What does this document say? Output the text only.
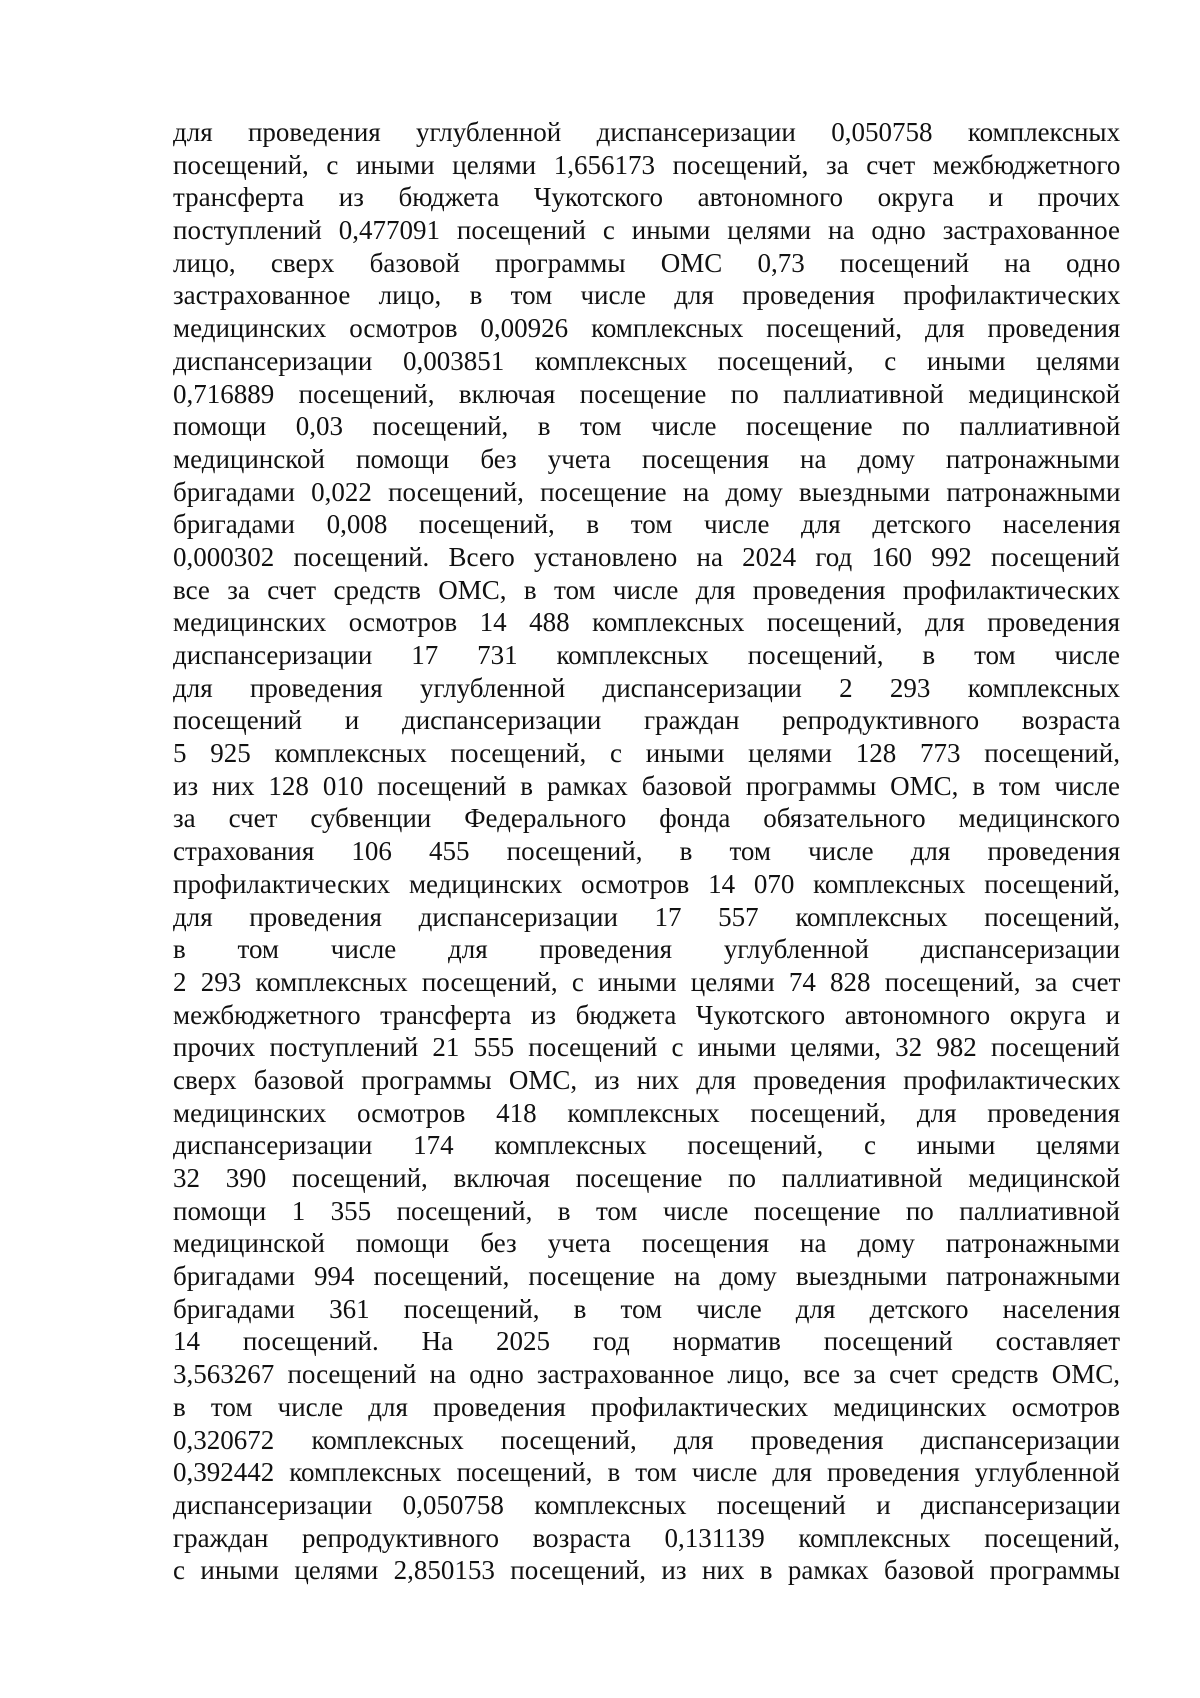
для проведения углубленной диспансеризации 0,050758 комплексных
посещений, с иными целями 1,656173 посещений, за счет межбюджетного
трансферта из бюджета Чукотского автономного округа и прочих
поступлений 0,477091 посещений с иными целями на одно застрахованное
лицо, сверх базовой программы ОМС 0,73 посещений на одно
застрахованное лицо, в том числе для проведения профилактических
медицинских осмотров 0,00926 комплексных посещений, для проведения
диспансеризации 0,003851 комплексных посещений, с иными целями
0,716889 посещений, включая посещение по паллиативной медицинской
помощи 0,03 посещений, в том числе посещение по паллиативной
медицинской помощи без учета посещения на дому патронажными
бригадами 0,022 посещений, посещение на дому выездными патронажными
бригадами 0,008 посещений, в том числе для детского населения
0,000302 посещений. Всего установлено на 2024 год 160 992 посещений
все за счет средств ОМС, в том числе для проведения профилактических
медицинских осмотров 14 488 комплексных посещений, для проведения
диспансеризации 17 731 комплексных посещений, в том числе
для проведения углубленной диспансеризации 2 293 комплексных
посещений и диспансеризации граждан репродуктивного возраста
5 925 комплексных посещений, с иными целями 128 773 посещений,
из них 128 010 посещений в рамках базовой программы ОМС, в том числе
за счет субвенции Федерального фонда обязательного медицинского
страхования 106 455 посещений, в том числе для проведения
профилактических медицинских осмотров 14 070 комплексных посещений,
для проведения диспансеризации 17 557 комплексных посещений,
в том числе для проведения углубленной диспансеризации
2 293 комплексных посещений, с иными целями 74 828 посещений, за счет
межбюджетного трансферта из бюджета Чукотского автономного округа и
прочих поступлений 21 555 посещений с иными целями, 32 982 посещений
сверх базовой программы ОМС, из них для проведения профилактических
медицинских осмотров 418 комплексных посещений, для проведения
диспансеризации 174 комплексных посещений, с иными целями
32 390 посещений, включая посещение по паллиативной медицинской
помощи 1 355 посещений, в том числе посещение по паллиативной
медицинской помощи без учета посещения на дому патронажными
бригадами 994 посещений, посещение на дому выездными патронажными
бригадами 361 посещений, в том числе для детского населения
14 посещений. На 2025 год норматив посещений составляет
3,563267 посещений на одно застрахованное лицо, все за счет средств ОМС,
в том числе для проведения профилактических медицинских осмотров
0,320672 комплексных посещений, для проведения диспансеризации
0,392442 комплексных посещений, в том числе для проведения углубленной
диспансеризации 0,050758 комплексных посещений и диспансеризации
граждан репродуктивного возраста 0,131139 комплексных посещений,
с иными целями 2,850153 посещений, из них в рамках базовой программы
